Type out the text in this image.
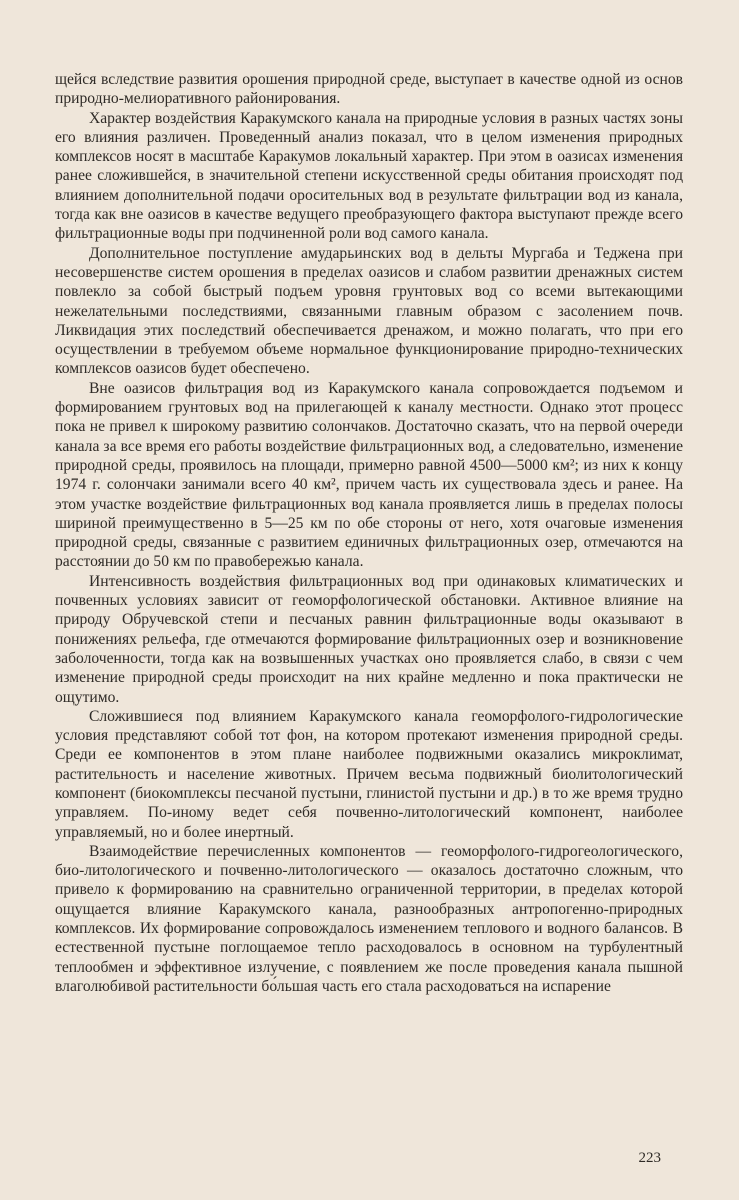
щейся вследствие развития орошения природной среде, выступает в качестве одной из основ природно-мелиоративного районирования.

Характер воздействия Каракумского канала на природные условия в разных частях зоны его влияния различен. Проведенный анализ показал, что в целом изменения природных комплексов носят в масштабе Каракумов локальный характер. При этом в оазисах изменения ранее сложившейся, в значительной степени искусственной среды обитания происходят под влиянием дополнительной подачи оросительных вод в результате фильтрации вод из канала, тогда как вне оазисов в качестве ведущего преобразующего фактора выступают прежде всего фильтрационные воды при подчиненной роли вод самого канала.

Дополнительное поступление амударьинских вод в дельты Мургаба и Теджена при несовершенстве систем орошения в пределах оазисов и слабом развитии дренажных систем повлекло за собой быстрый подъем уровня грунтовых вод со всеми вытекающими нежелательными последствиями, связанными главным образом с засолением почв. Ликвидация этих последствий обеспечивается дренажом, и можно полагать, что при его осуществлении в требуемом объеме нормальное функционирование природно-технических комплексов оазисов будет обеспечено.

Вне оазисов фильтрация вод из Каракумского канала сопровождается подъемом и формированием грунтовых вод на прилегающей к каналу местности. Однако этот процесс пока не привел к широкому развитию солончаков. Достаточно сказать, что на первой очереди канала за все время его работы воздействие фильтрационных вод, а следовательно, изменение природной среды, проявилось на площади, примерно равной 4500—5000 км²; из них к концу 1974 г. солончаки занимали всего 40 км², причем часть их существовала здесь и ранее. На этом участке воздействие фильтрационных вод канала проявляется лишь в пределах полосы шириной преимущественно в 5—25 км по обе стороны от него, хотя очаговые изменения природной среды, связанные с развитием единичных фильтрационных озер, отмечаются на расстоянии до 50 км по правобережью канала.

Интенсивность воздействия фильтрационных вод при одинаковых климатических и почвенных условиях зависит от геоморфологической обстановки. Активное влияние на природу Обручевской степи и песчаных равнин фильтрационные воды оказывают в понижениях рельефа, где отмечаются формирование фильтрационных озер и возникновение заболоченности, тогда как на возвышенных участках оно проявляется слабо, в связи с чем изменение природной среды происходит на них крайне медленно и пока практически не ощутимо.

Сложившиеся под влиянием Каракумского канала геоморфолого-гидрологические условия представляют собой тот фон, на котором протекают изменения природной среды. Среди ее компонентов в этом плане наиболее подвижными оказались микроклимат, растительность и население животных. Причем весьма подвижный биолитологический компонент (биокомплексы песчаной пустыни, глинистой пустыни и др.) в то же время трудно управляем. По-иному ведет себя почвенно-литологический компонент, наиболее управляемый, но и более инертный.

Взаимодействие перечисленных компонентов — геоморфолого-гидрогеологического, био-литологического и почвенно-литологического — оказалось достаточно сложным, что привело к формированию на сравнительно ограниченной территории, в пределах которой ощущается влияние Каракумского канала, разнообразных антропогенно-природных комплексов. Их формирование сопровождалось изменением теплового и водного балансов. В естественной пустыне поглощаемое тепло расходовалось в основном на турбулентный теплообмен и эффективное излучение, с появлением же после проведения канала пышной влаголюбивой растительности бо́льшая часть его стала расходоваться на испарение

223
